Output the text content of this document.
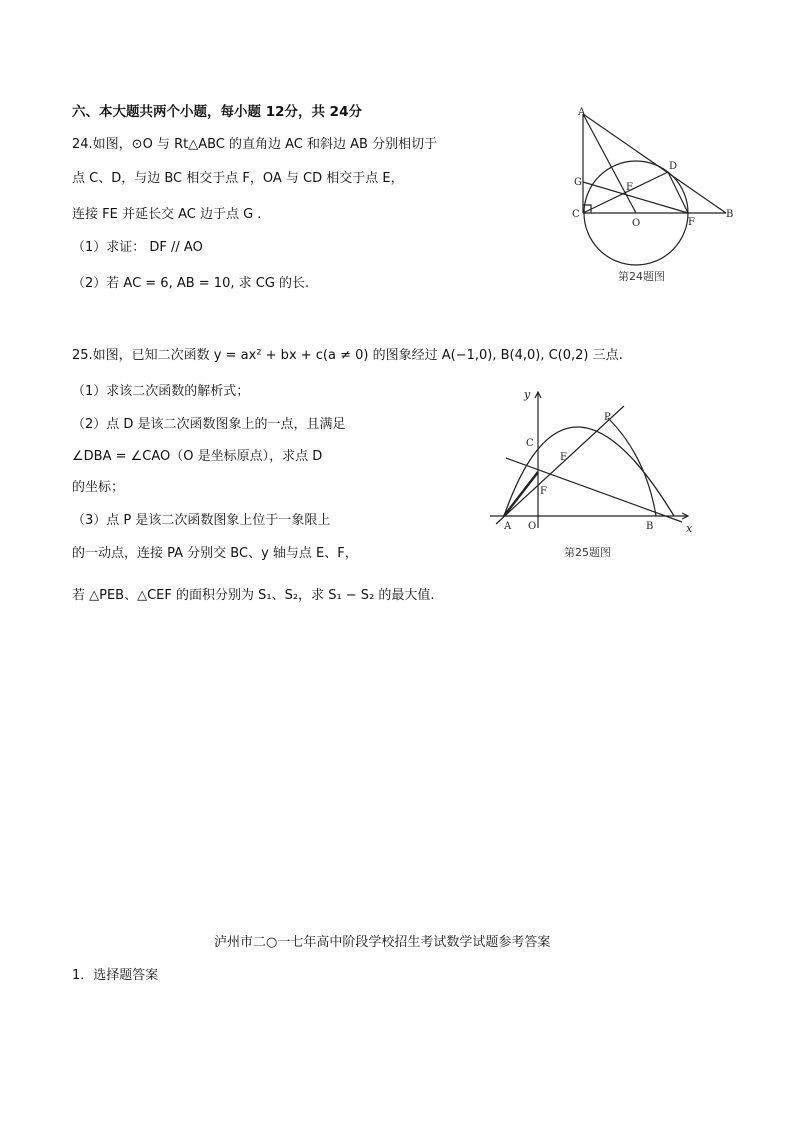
六、本大题共两个小题，每小题 12分，共 24分
24.如图，⊙O 与 Rt△ABC 的直角边 AC 和斜边 AB 分别相切于
点 C、D，与边 BC 相交于点 F，OA 与 CD 相交于点 E，
连接 FE 并延长交 AC 边于点 G .
（1）求证： DF // AO
（2）若 AC = 6, AB = 10, 求 CG 的长.
A
B
C
D
E
F
G
O
第24题图
25.如图，已知二次函数 y = ax² + bx + c(a ≠ 0) 的图象经过 A(−1,0), B(4,0), C(0,2) 三点.
（1）求该二次函数的解析式；
（2）点 D 是该二次函数图象上的一点，且满足
∠DBA = ∠CAO（O 是坐标原点），求点 D
的坐标；
（3）点 P 是该二次函数图象上位于一象限上
的一动点，连接 PA 分别交 BC、y 轴与点 E、F，
若 △PEB、△CEF 的面积分别为 S₁、S₂，求 S₁ − S₂ 的最大值.
y
x
A O	B
C
E
F
P
第25题图
泸州市二○一七年高中阶段学校招生考试数学试题参考答案
1．选择题答案
